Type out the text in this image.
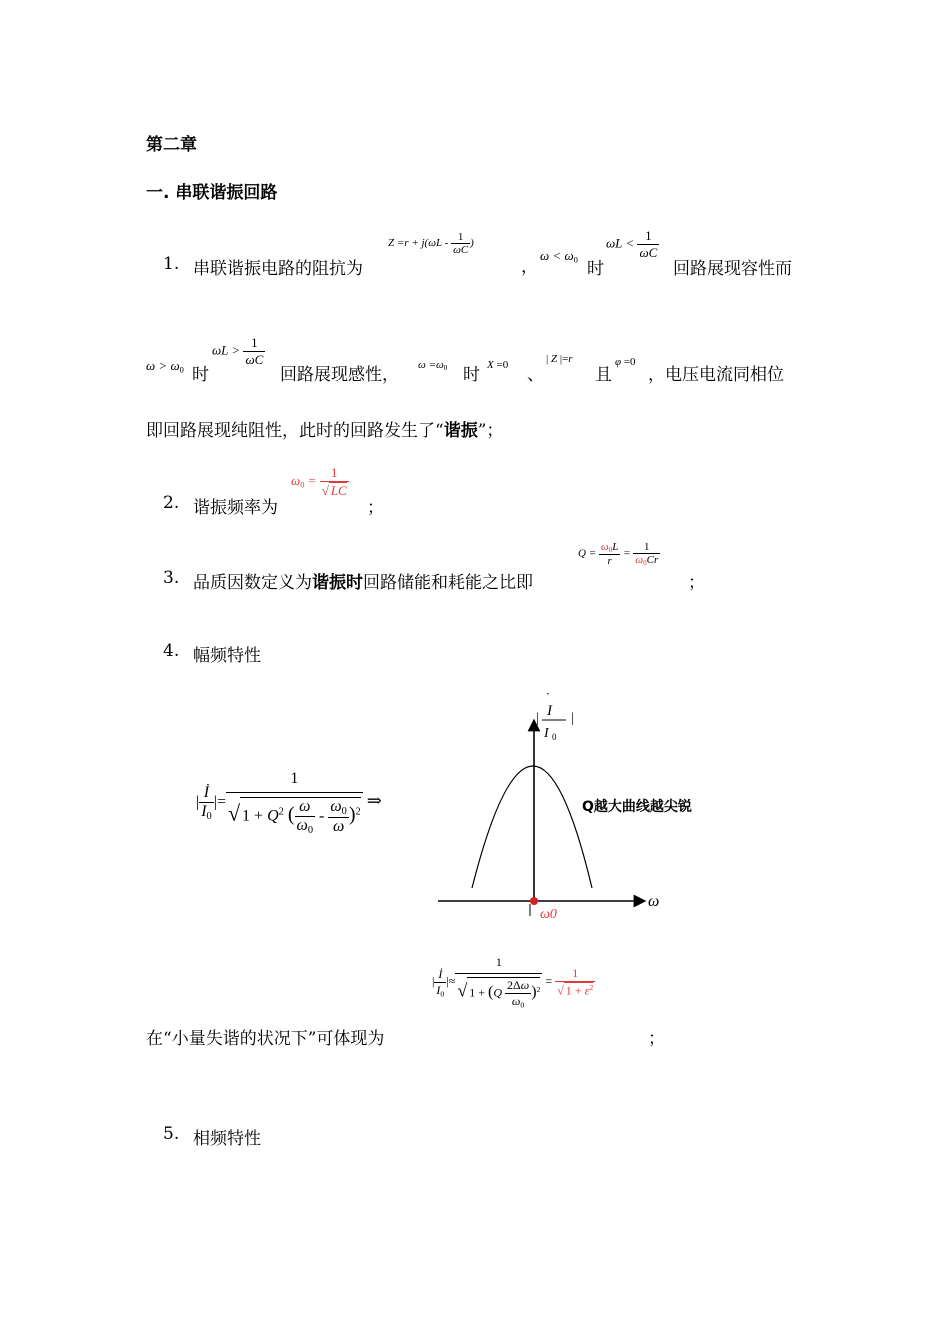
第二章
一. 串联谐振回路
1. 串联谐振电路的阻抗为
$Z =r + j(\omega L - \frac{1}{\omega C}$ )
，
$\omega < \omega_0$ 时
$\omega L < \frac{1}{\omega C}$
回路展现容性而
$\omega > \omega_0$ 时
$\omega L > \frac{1}{\omega C}$
回路展现感性， $\omega =\omega_0$ 时 X =0 、
| Z |=r
且
φ =0
，电压电流同相位
即回路展现纯阻性，此时的回路发生了“谐振”；
2. 谐振频率为
$\omega_0 = \frac{1}{√ LC}$
；
3. 品质因数定义为谐振时回路储能和耗能之比即
$Q = \frac{\omega_0L}{r} = \frac{1}{\omega_0Cr}$
；
4. 幅频特性
| $\frac{İ}{I_0}$ |= $\frac{1}{√ 1 + Q^2 ( \frac{\omega}{\omega_0} - \frac{\omega_0}{\omega} )^2}$ ⇒
ω0
ω
·
I
I 0
| |
Q越大曲线越尖锐
| $\frac{İ}{I_0}$ |≈ $\frac{1}{√ 1 + (Q \frac{2\Delta\omega}{\omega_0} )^2} = \frac{1}{√ 1 + \varepsilon^2}$
在“小量失谐的状况下”可体现为	；
5. 相频特性
